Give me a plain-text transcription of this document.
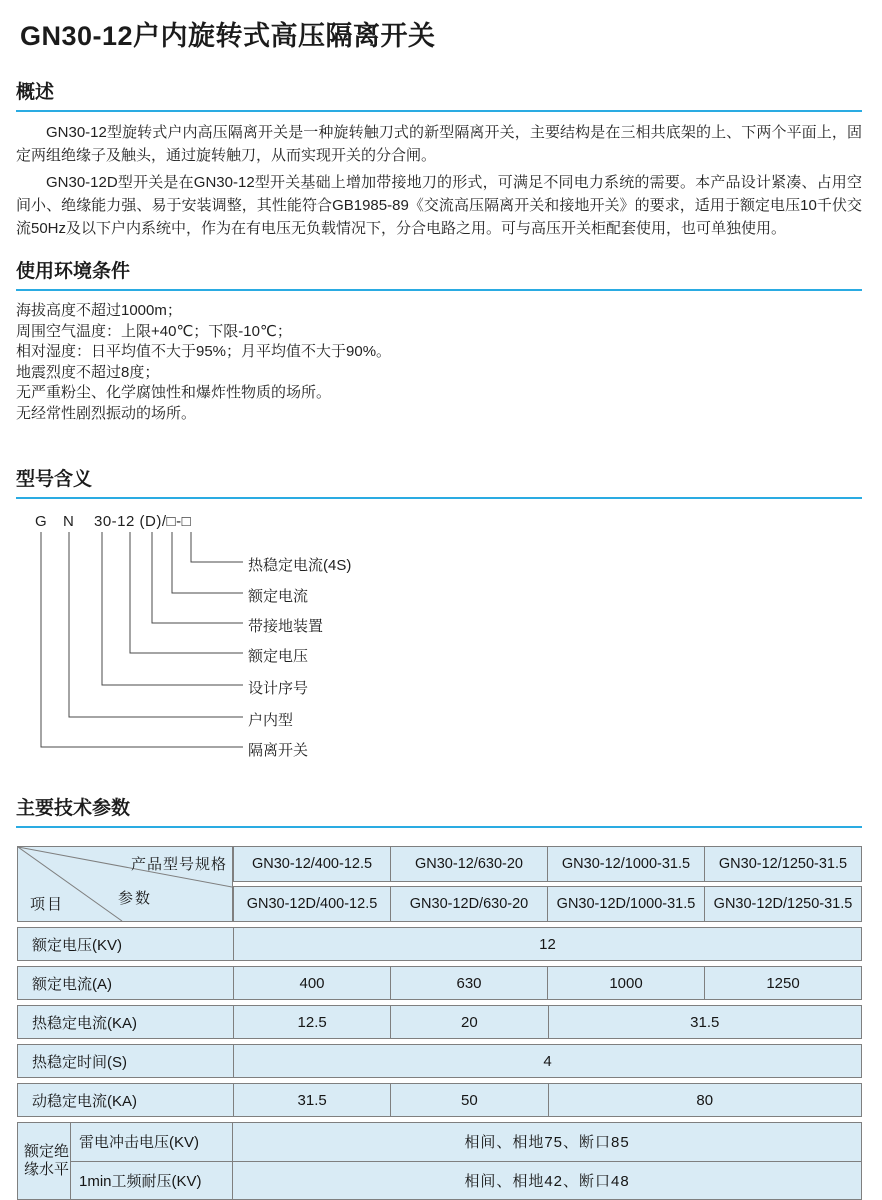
GN30-12户内旋转式高压隔离开关
概述

GN30-12型旋转式户内高压隔离开关是一种旋转触刀式的新型隔离开关，主要结构是在三相共底架的上、下两个平面上，固定两组绝缘子及触头，通过旋转触刀，从而实现开关的分合闸。

GN30-12D型开关是在GN30-12型开关基础上增加带接地刀的形式，可满足不同电力系统的需要。本产品设计紧凑、占用空间小、绝缘能力强、易于安装调整，其性能符合GB1985-89《交流高压隔离开关和接地开关》的要求，适用于额定电压10千伏交流50Hz及以下户内系统中，作为在有电压无负载情况下，分合电路之用。可与高压开关柜配套使用，也可单独使用。

使用环境条件
海拔高度不超过1000m；
周围空气温度：上限+40℃；下限-10℃；
相对湿度：日平均值不大于95%；月平均值不大于90%。
地震烈度不超过8度；
无严重粉尘、化学腐蚀性和爆炸性物质的场所。
无经常性剧烈振动的场所。
型号含义
G N 30-12 (D)/□-□
热稳定电流(4S)
额定电流
带接地装置
额定电压
设计序号
户内型
隔离开关
主要技术参数
产品型号规格
参数
项目
GN30-12/400-12.5	GN30-12/630-20	GN30-12/1000-31.5	GN30-12/1250-31.5
GN30-12D/400-12.5	GN30-12D/630-20	GN30-12D/1000-31.5	GN30-12D/1250-31.5
额定电压(KV)	12
额定电流(A)	400	630	1000	1250
热稳定电流(KA)	12.5	20	31.5
热稳定时间(S)	4
动稳定电流(KA)	31.5	50	80
额定绝缘水平
雷电冲击电压(KV)	相间、相地75、断口85
1min工频耐压(KV)	相间、相地42、断口48
